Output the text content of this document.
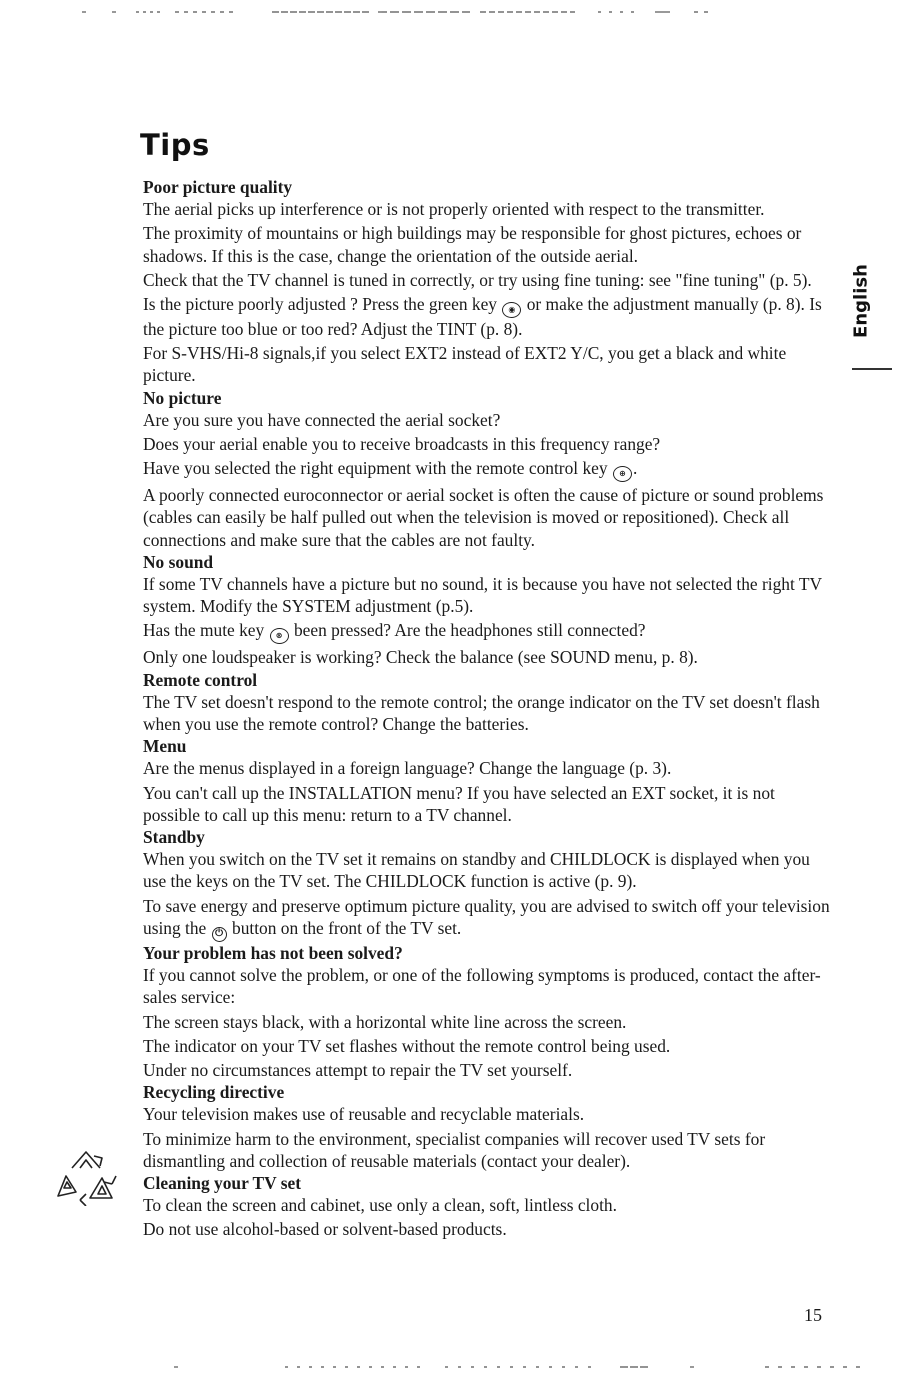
Tips

Poor picture quality

The aerial picks up interference or is not properly oriented with respect to the transmitter.

The proximity of mountains or high buildings may be responsible for ghost pictures, echoes or shadows. If this is the case, change the orientation of the outside aerial.

Check that the TV channel is tuned in correctly, or try using fine tuning: see "fine tuning" (p. 5).

Is the picture poorly adjusted ? Press the green key ◉ or make the adjustment manually (p. 8). Is the picture too blue or too red? Adjust the TINT (p. 8).

For S-VHS/Hi-8 signals,if you select EXT2 instead of EXT2 Y/C, you get a black and white picture.

No picture

Are you sure you have connected the aerial socket?

Does your aerial enable you to receive broadcasts in this frequency range?

Have you selected the right equipment with the remote control key ⊕ .

A poorly connected euroconnector or aerial socket is often the cause of picture or sound problems (cables can easily be half pulled out when the television is moved or repositioned). Check all connections and make sure that the cables are not faulty.

No sound

If some TV channels have a picture but no sound, it is because you have not selected the right TV system. Modify the SYSTEM adjustment (p.5).

Has the mute key ⊗ been pressed? Are the headphones still connected?

Only one loudspeaker is working? Check the balance (see SOUND menu, p. 8).

Remote control

The TV set doesn't respond to the remote control; the orange indicator on the TV set doesn't flash when you use the remote control? Change the batteries.

Menu

Are the menus displayed in a foreign language? Change the language (p. 3).

You can't call up the INSTALLATION menu? If you have selected an EXT socket, it is not possible to call up this menu: return to a TV channel.

Standby

When you switch on the TV set it remains on standby and CHILDLOCK is displayed when you use the keys on the TV set. The CHILDLOCK function is active (p. 9).

To save energy and preserve optimum picture quality, you are advised to switch off your television using the ⏻ button on the front of the TV set.

Your problem has not been solved?

If you cannot solve the problem, or one of the following symptoms is produced, contact the after-sales service:

The screen stays black, with a horizontal white line across the screen.

The indicator on your TV set flashes without the remote control being used.

Under no circumstances attempt to repair the TV set yourself.

Recycling directive

Your television makes use of reusable and recyclable materials.

To minimize harm to the environment, specialist companies will recover used TV sets for dismantling and collection of reusable materials (contact your dealer).

Cleaning your TV set

To clean the screen and cabinet, use only a clean, soft, lintless cloth.

Do not use alcohol-based or solvent-based products.

English
15
